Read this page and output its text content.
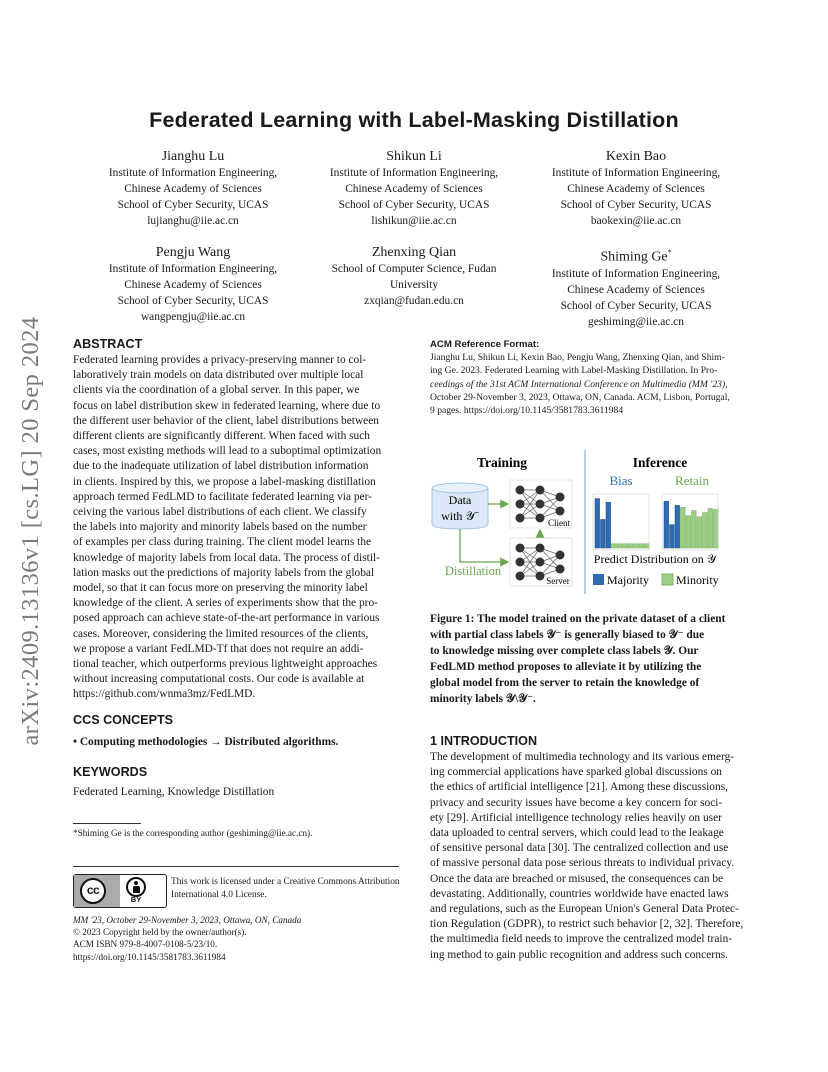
arXiv:2409.13136v1 [cs.LG] 20 Sep 2024
Federated Learning with Label-Masking Distillation
Jianghu Lu
Institute of Information Engineering,
Chinese Academy of Sciences
School of Cyber Security, UCAS
lujianghu@iie.ac.cn
Shikun Li
Institute of Information Engineering,
Chinese Academy of Sciences
School of Cyber Security, UCAS
lishikun@iie.ac.cn
Kexin Bao
Institute of Information Engineering,
Chinese Academy of Sciences
School of Cyber Security, UCAS
baokexin@iie.ac.cn
Pengju Wang
Institute of Information Engineering,
Chinese Academy of Sciences
School of Cyber Security, UCAS
wangpengju@iie.ac.cn
Zhenxing Qian
School of Computer Science, Fudan
University
zxqian@fudan.edu.cn
Shiming Ge*
Institute of Information Engineering,
Chinese Academy of Sciences
School of Cyber Security, UCAS
geshiming@iie.ac.cn
ABSTRACT
Federated learning provides a privacy-preserving manner to col-
laboratively train models on data distributed over multiple local
clients via the coordination of a global server. In this paper, we
focus on label distribution skew in federated learning, where due to
the different user behavior of the client, label distributions between
different clients are significantly different. When faced with such
cases, most existing methods will lead to a suboptimal optimization
due to the inadequate utilization of label distribution information
in clients. Inspired by this, we propose a label-masking distillation
approach termed FedLMD to facilitate federated learning via per-
ceiving the various label distributions of each client. We classify
the labels into majority and minority labels based on the number
of examples per class during training. The client model learns the
knowledge of majority labels from local data. The process of distil-
lation masks out the predictions of majority labels from the global
model, so that it can focus more on preserving the minority label
knowledge of the client. A series of experiments show that the pro-
posed approach can achieve state-of-the-art performance in various
cases. Moreover, considering the limited resources of the clients,
we propose a variant FedLMD-Tf that does not require an addi-
tional teacher, which outperforms previous lightweight approaches
without increasing computational costs. Our code is available at
https://github.com/wnma3mz/FedLMD.
CCS CONCEPTS
• Computing methodologies → Distributed algorithms.
KEYWORDS
Federated Learning, Knowledge Distillation
*Shiming Ge is the corresponding author (geshiming@iie.ac.cn).
cc
BY
This work is licensed under a Creative Commons Attribution
International 4.0 License.
MM '23, October 29-November 3, 2023, Ottawa, ON, Canada
© 2023 Copyright held by the owner/author(s).
ACM ISBN 979-8-4007-0108-5/23/10.
https://doi.org/10.1145/3581783.3611984
ACM Reference Format:
Jianghu Lu, Shikun Li, Kexin Bao, Pengju Wang, Zhenxing Qian, and Shim-
ing Ge. 2023. Federated Learning with Label-Masking Distillation. In Pro-
ceedings of the 31st ACM International Conference on Multimedia (MM '23),
October 29-November 3, 2023, Ottawa, ON, Canada. ACM, Lisbon, Portugal,
9 pages. https://doi.org/10.1145/3581783.3611984
Training	Inference
Data
with 𝒴⁻	Client
Server
Distillation
Bias	Retain
Predict Distribution on 𝒴
Majority Minority
Figure 1: The model trained on the private dataset of a client
with partial class labels 𝒴⁻ is generally biased to 𝒴⁻ due
to knowledge missing over complete class labels 𝒴. Our
FedLMD method proposes to alleviate it by utilizing the
global model from the server to retain the knowledge of
minority labels 𝒴\𝒴⁻.
1 INTRODUCTION
The development of multimedia technology and its various emerg-
ing commercial applications have sparked global discussions on
the ethics of artificial intelligence [21]. Among these discussions,
privacy and security issues have become a key concern for soci-
ety [29]. Artificial intelligence technology relies heavily on user
data uploaded to central servers, which could lead to the leakage
of sensitive personal data [30]. The centralized collection and use
of massive personal data pose serious threats to individual privacy.
Once the data are breached or misused, the consequences can be
devastating. Additionally, countries worldwide have enacted laws
and regulations, such as the European Union's General Data Protec-
tion Regulation (GDPR), to restrict such behavior [2, 32]. Therefore,
the multimedia field needs to improve the centralized model train-
ing method to gain public recognition and address such concerns.
